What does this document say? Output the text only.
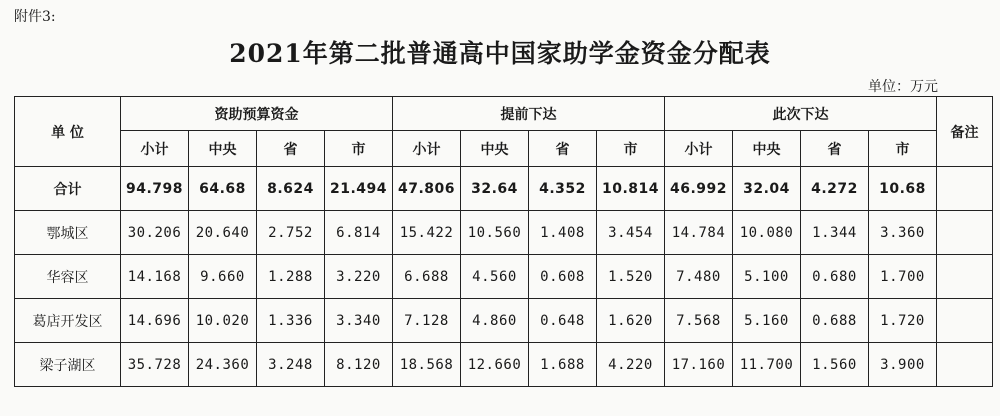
附件3:
2021年第二批普通高中国家助学金资金分配表
单位：万元
单 位	资助预算资金				提前下达				此次下达				备注
	小计	中央	省	市	小计	中央	省	市	小计	中央	省	市	
合计	94.798	64.68	8.624	21.494	47.806	32.64	4.352	10.814	46.992	32.04	4.272	10.68	
鄂城区	30.206	20.640	2.752	6.814	15.422	10.560	1.408	3.454	14.784	10.080	1.344	3.360	
华容区	14.168	9.660	1.288	3.220	6.688	4.560	0.608	1.520	7.480	5.100	0.680	1.700	
葛店开发区	14.696	10.020	1.336	3.340	7.128	4.860	0.648	1.620	7.568	5.160	0.688	1.720	
梁子湖区	35.728	24.360	3.248	8.120	18.568	12.660	1.688	4.220	17.160	11.700	1.560	3.900	
